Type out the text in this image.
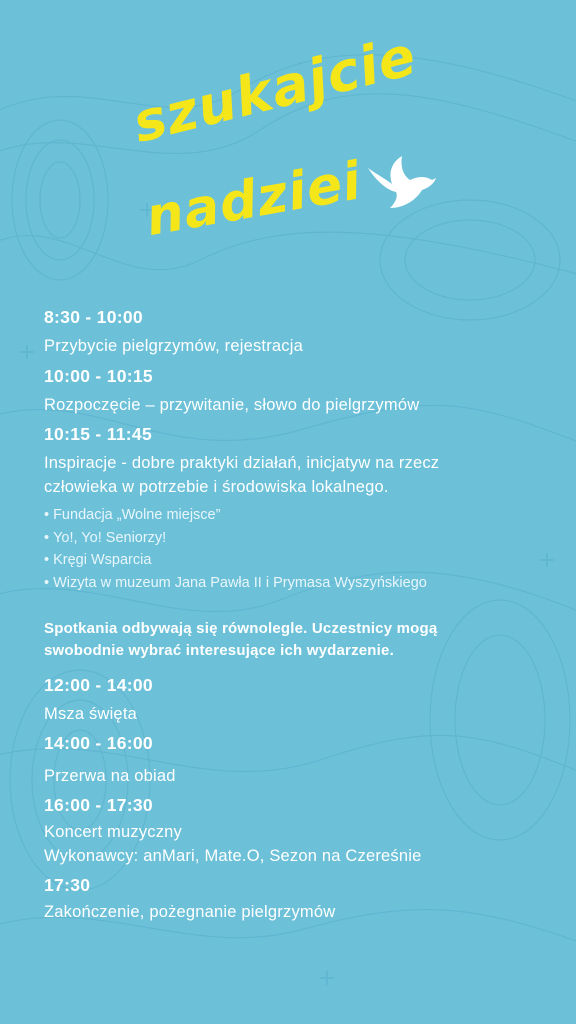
szukajcie
nadziei
8:30 - 10:00
Przybycie pielgrzymów, rejestracja
10:00 - 10:15
Rozpoczęcie – przywitanie, słowo do pielgrzymów
10:15 - 11:45
Inspiracje - dobre praktyki działań, inicjatyw na rzecz
człowieka w potrzebie i środowiska lokalnego.
• Fundacja „Wolne miejsce”
• Yo!, Yo! Seniorzy!
• Kręgi Wsparcia
• Wizyta w muzeum Jana Pawła II i Prymasa Wyszyńskiego
Spotkania odbywają się równolegle. Uczestnicy mogą
swobodnie wybrać interesujące ich wydarzenie.
12:00 - 14:00
Msza święta
14:00 - 16:00
Przerwa na obiad
16:00 - 17:30
Koncert muzyczny
Wykonawcy: anMari, Mate.O, Sezon na Czereśnie
17:30
Zakończenie, pożegnanie pielgrzymów
